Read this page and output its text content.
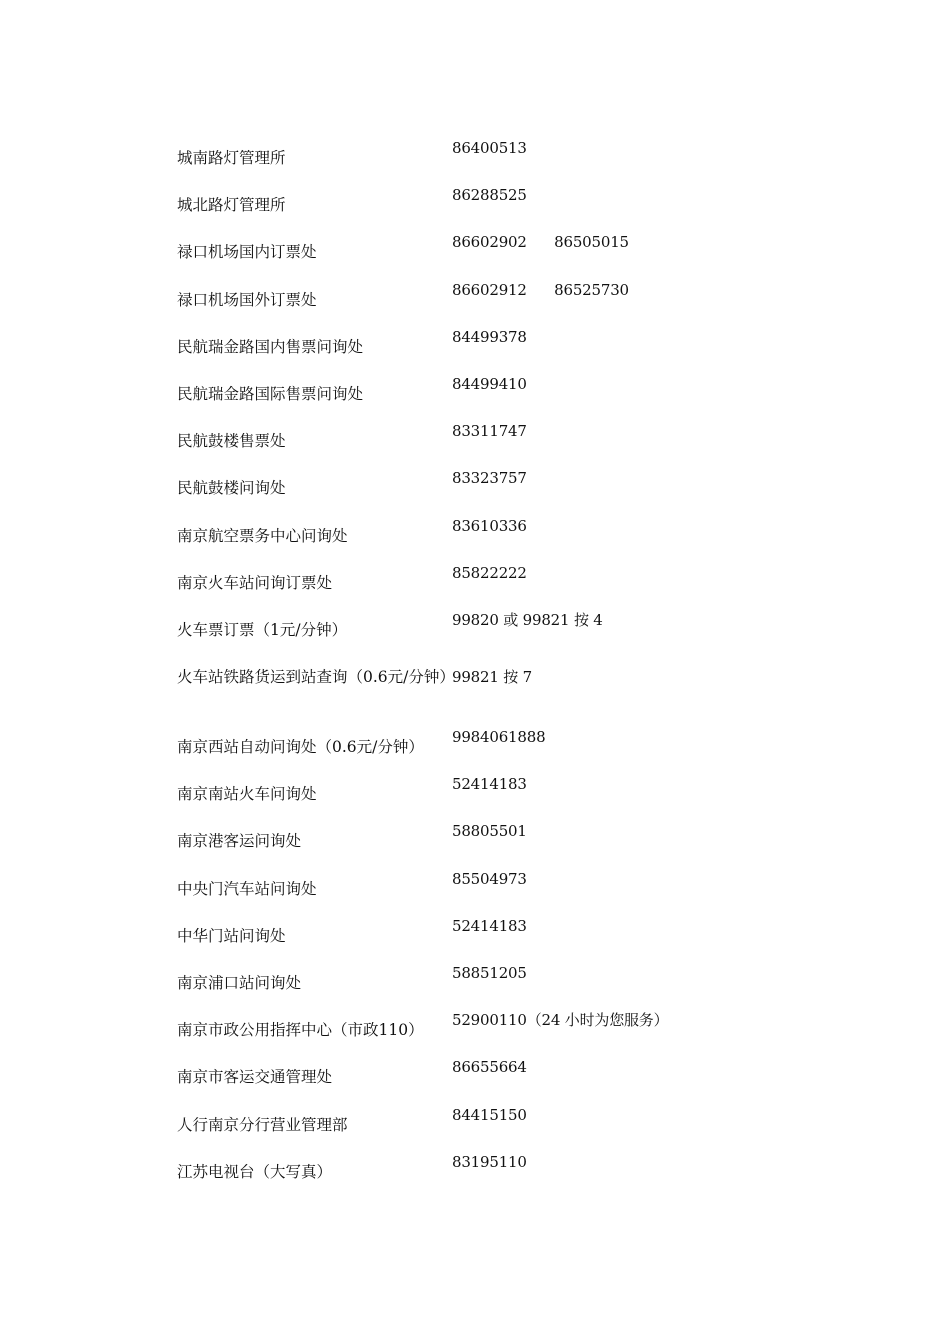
城南路灯管理所
86400513
城北路灯管理所
86288525
禄口机场国内订票处
86602902      86505015
禄口机场国外订票处
86602912      86525730
民航瑞金路国内售票问询处
84499378
民航瑞金路国际售票问询处
84499410
民航鼓楼售票处
83311747
民航鼓楼问询处
83323757
南京航空票务中心问询处
83610336
南京火车站问询订票处
85822222
火车票订票（1元/分钟）
99820 或 99821 按 4
火车站铁路货运到站查询（0.6元/分钟）
99821 按 7
南京西站自动问询处（0.6元/分钟）
9984061888
南京南站火车问询处
52414183
南京港客运问询处
58805501
中央门汽车站问询处
85504973
中华门站问询处
52414183
南京浦口站问询处
58851205
南京市政公用指挥中心（市政110）
52900110（24 小时为您服务）
南京市客运交通管理处
86655664
人行南京分行营业管理部
84415150
江苏电视台（大写真）
83195110
